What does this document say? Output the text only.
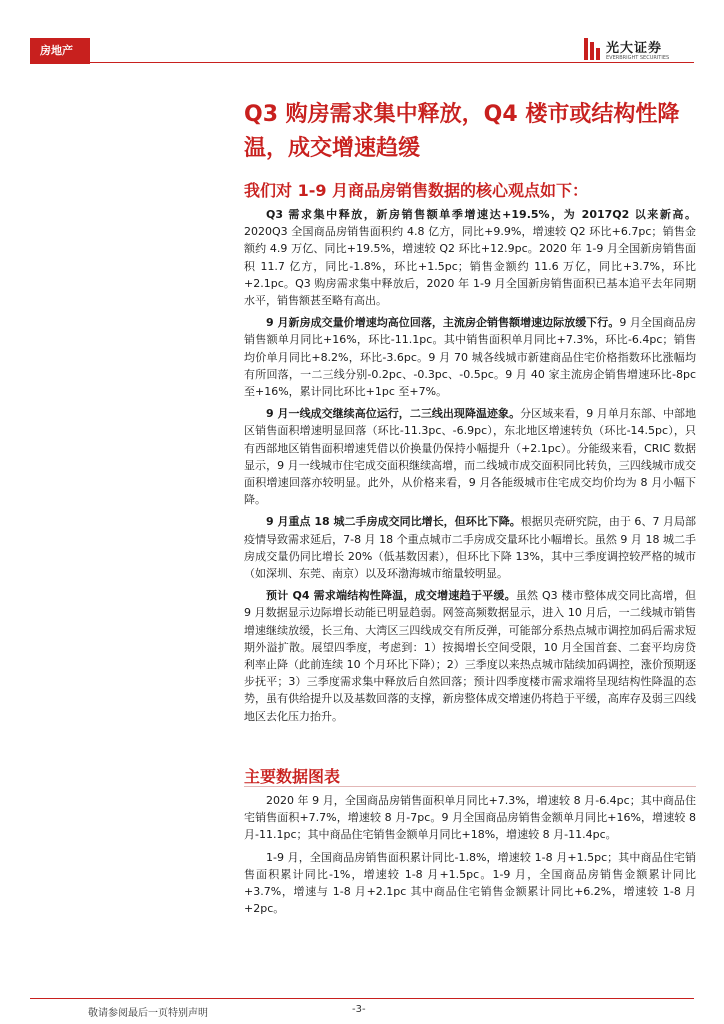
房地产	光大证券
EVERBRIGHT SECURITIES
Q3 购房需求集中释放，Q4 楼市或结构性降温，成交增速趋缓
我们对 1-9 月商品房销售数据的核心观点如下：

Q3 需求集中释放，新房销售额单季增速达+19.5%，为 2017Q2 以来新高。2020Q3 全国商品房销售面积约 4.8 亿方，同比+9.9%，增速较 Q2 环比+6.7pc；销售金额约 4.9 万亿、同比+19.5%，增速较 Q2 环比+12.9pc。2020 年 1-9 月全国新房销售面积 11.7 亿方，同比-1.8%，环比+1.5pc；销售金额约 11.6 万亿，同比+3.7%，环比+2.1pc。Q3 购房需求集中释放后，2020 年 1-9 月全国新房销售面积已基本追平去年同期水平，销售额甚至略有高出。

9 月新房成交量价增速均高位回落，主流房企销售额增速边际放缓下行。9 月全国商品房销售额单月同比+16%，环比-11.1pc。其中销售面积单月同比+7.3%，环比-6.4pc；销售均价单月同比+8.2%，环比-3.6pc。9 月 70 城各线城市新建商品住宅价格指数环比涨幅均有所回落，一二三线分别-0.2pc、-0.3pc、-0.5pc。9 月 40 家主流房企销售增速环比-8pc 至+16%，累计同比环比+1pc 至+7%。

9 月一线成交继续高位运行，二三线出现降温迹象。分区域来看，9 月单月东部、中部地区销售面积增速明显回落（环比-11.3pc、-6.9pc），东北地区增速转负（环比-14.5pc），只有西部地区销售面积增速凭借以价换量仍保持小幅提升（+2.1pc）。分能级来看，CRIC 数据显示，9 月一线城市住宅成交面积继续高增，而二线城市成交面积同比转负，三四线城市成交面积增速回落亦较明显。此外，从价格来看，9 月各能级城市住宅成交均价均为 8 月小幅下降。

9 月重点 18 城二手房成交同比增长，但环比下降。根据贝壳研究院，由于 6、7 月局部疫情导致需求延后，7-8 月 18 个重点城市二手房成交量环比小幅增长。虽然 9 月 18 城二手房成交量仍同比增长 20%（低基数因素），但环比下降 13%，其中三季度调控较严格的城市（如深圳、东莞、南京）以及环渤海城市缩量较明显。

预计 Q4 需求端结构性降温，成交增速趋于平缓。虽然 Q3 楼市整体成交同比高增，但 9 月数据显示边际增长动能已明显趋弱。网签高频数据显示，进入 10 月后，一二线城市销售增速继续放缓，长三角、大湾区三四线成交有所反弹，可能部分系热点城市调控加码后需求短期外溢扩散。展望四季度，考虑到：1）按揭增长空间受限，10 月全国首套、二套平均房贷利率止降（此前连续 10 个月环比下降）；2）三季度以来热点城市陆续加码调控，涨价预期逐步抚平；3）三季度需求集中释放后自然回落；预计四季度楼市需求端将呈现结构性降温的态势，虽有供给提升以及基数回落的支撑，新房整体成交增速仍将趋于平缓，高库存及弱三四线地区去化压力抬升。

主要数据图表

2020 年 9 月，全国商品房销售面积单月同比+7.3%，增速较 8 月-6.4pc；其中商品住宅销售面积+7.7%，增速较 8 月-7pc。9 月全国商品房销售金额单月同比+16%，增速较 8 月-11.1pc；其中商品住宅销售金额单月同比+18%，增速较 8 月-11.4pc。

1-9 月，全国商品房销售面积累计同比-1.8%，增速较 1-8 月+1.5pc；其中商品住宅销售面积累计同比-1%，增速较 1-8 月+1.5pc。1-9 月，全国商品房销售金额累计同比+3.7%，增速与 1-8 月+2.1pc 其中商品住宅销售金额累计同比+6.2%，增速较 1-8 月+2pc。

敬请参阅最后一页特别声明	-3-
